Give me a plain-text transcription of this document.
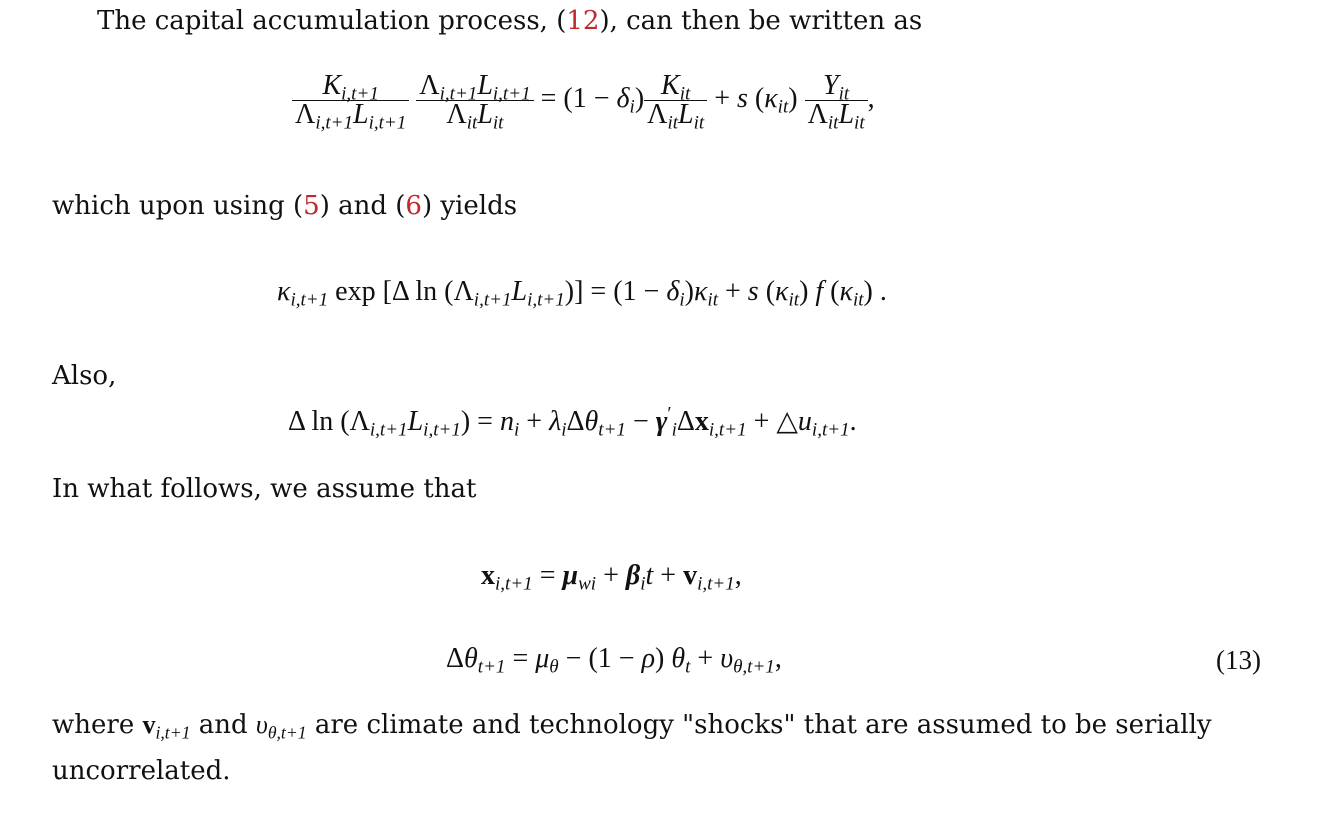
The capital accumulation process, (12), can then be written as
$\frac{K_{i,t+1}}{\Lambda_{i,t+1}L_{i,t+1}}$
$\frac{\Lambda_{i,t+1}L_{i,t+1}}{\Lambda_{it}L_{it}} = (1 - \delta_i) \frac{K_{it}}{\Lambda_{it}L_{it}} + s$ $(\kappa_{it}) \frac{Y_{it}}{\Lambda_{it}L_{it}}$ ,
which upon using (5) and (6) yields
$\kappa_{i,t+1}$ exp [Δ $\ln (\Lambda_{i,t+1}L_{i,t+1})] = (1 - \delta_i)\kappa_{it} + s$ $(\kappa_{it})$ f $(\kappa_{it})$ .
Also,
Δ $\ln (\Lambda_{i,t+1}L_{i,t+1}) = n_i + \lambda_i\Delta\theta_{t+1} - \gamma'_i\Delta x_{i,t+1}$ + $\triangle u_{i,t+1}$.
In what follows, we assume that
$x_{i,t+1} = \mu_{wi} + \beta_it + v_{i,t+1}$,
$\Delta\theta_{t+1} = \mu_\theta - (1 - \rho) \theta_t + \upsilon_{\theta,t+1}$,	(13)
where $v_{i,t+1}$ and $\upsilon_{\theta,t+1}$ are climate and technology "shocks" that are assumed to be serially
uncorrelated.
